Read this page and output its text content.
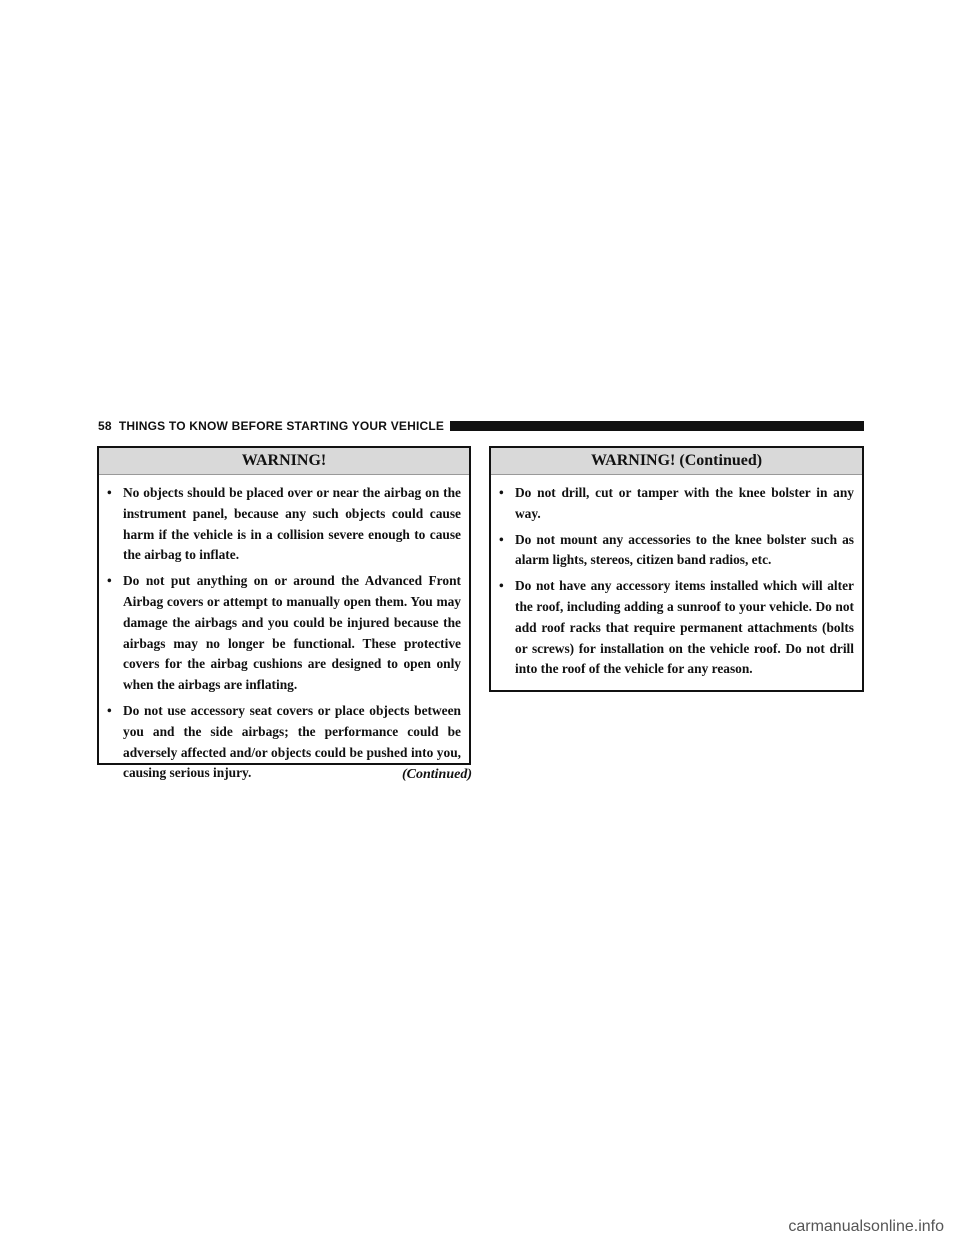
58 THINGS TO KNOW BEFORE STARTING YOUR VEHICLE
WARNING!
• No objects should be placed over or near the airbag on the instrument panel, because any such objects could cause harm if the vehicle is in a collision severe enough to cause the airbag to inflate.
• Do not put anything on or around the Advanced Front Airbag covers or attempt to manually open them. You may damage the airbags and you could be injured because the airbags may no longer be functional. These protective covers for the airbag cushions are designed to open only when the airbags are inflating.
• Do not use accessory seat covers or place objects between you and the side airbags; the performance could be adversely affected and/or objects could be pushed into you, causing serious injury.	(Continued)
WARNING! (Continued)
• Do not drill, cut or tamper with the knee bolster in any way.
• Do not mount any accessories to the knee bolster such as alarm lights, stereos, citizen band radios, etc.
• Do not have any accessory items installed which will alter the roof, including adding a sunroof to your vehicle. Do not add roof racks that require permanent attachments (bolts or screws) for installation on the vehicle roof. Do not drill into the roof of the vehicle for any reason.
carmanualsonline.info
